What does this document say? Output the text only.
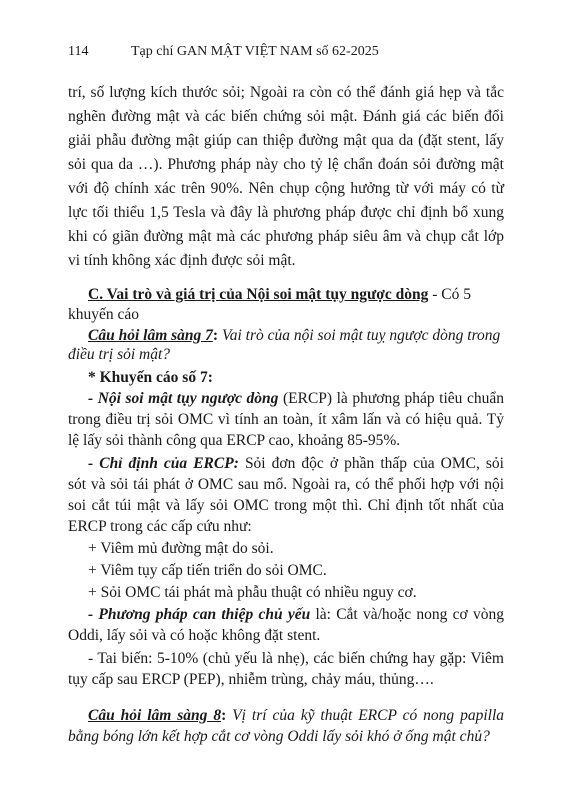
114	Tạp chí GAN MẬT VIỆT NAM số 62-2025
trí, số lượng kích thước sỏi; Ngoài ra còn có thể đánh giá hẹp và tắc
nghẽn đường mật và các biến chứng sỏi mật. Đánh giá các biến đổi
giải phẫu đường mật giúp can thiệp đường mật qua da (đặt stent, lấy
sỏi qua da …). Phương pháp này cho tỷ lệ chẩn đoán sỏi đường mật
với độ chính xác trên 90%. Nên chụp cộng hưởng từ với máy có từ
lực tối thiểu 1,5 Tesla và đây là phương pháp được chỉ định bổ xung
khi có giãn đường mật mà các phương pháp siêu âm và chụp cắt lớp
vi tính không xác định được sỏi mật.
C. Vai trò và giá trị của Nội soi mật tụy ngược dòng - Có 5
khuyến cáo
Câu hỏi lâm sàng 7: Vai trò của nội soi mật tuỵ ngược dòng trong
điều trị sỏi mật?
* Khuyến cáo số 7:
- Nội soi mật tụy ngược dòng (ERCP) là phương pháp tiêu chuẩn
trong điều trị sỏi OMC vì tính an toàn, ít xâm lấn và có hiệu quả. Tỷ
lệ lấy sỏi thành công qua ERCP cao, khoảng 85-95%.
- Chỉ định của ERCP: Sỏi đơn độc ở phần thấp của OMC, sỏi
sót và sỏi tái phát ở OMC sau mổ. Ngoài ra, có thể phối hợp với nội
soi cắt túi mật và lấy sỏi OMC trong một thì. Chỉ định tốt nhất của
ERCP trong các cấp cứu như:
+ Viêm mủ đường mật do sỏi.
+ Viêm tụy cấp tiến triển do sỏi OMC.
+ Sỏi OMC tái phát mà phẫu thuật có nhiều nguy cơ.
- Phương pháp can thiệp chủ yếu là: Cắt và/hoặc nong cơ vòng
Oddi, lấy sỏi và có hoặc không đặt stent.
- Tai biến: 5-10% (chủ yếu là nhẹ), các biến chứng hay gặp: Viêm
tụy cấp sau ERCP (PEP), nhiễm trùng, chảy máu, thủng….
Câu hỏi lâm sàng 8: Vị trí của kỹ thuật ERCP có nong papilla
bằng bóng lớn kết hợp cắt cơ vòng Oddi lấy sỏi khó ở ống mật chủ?
